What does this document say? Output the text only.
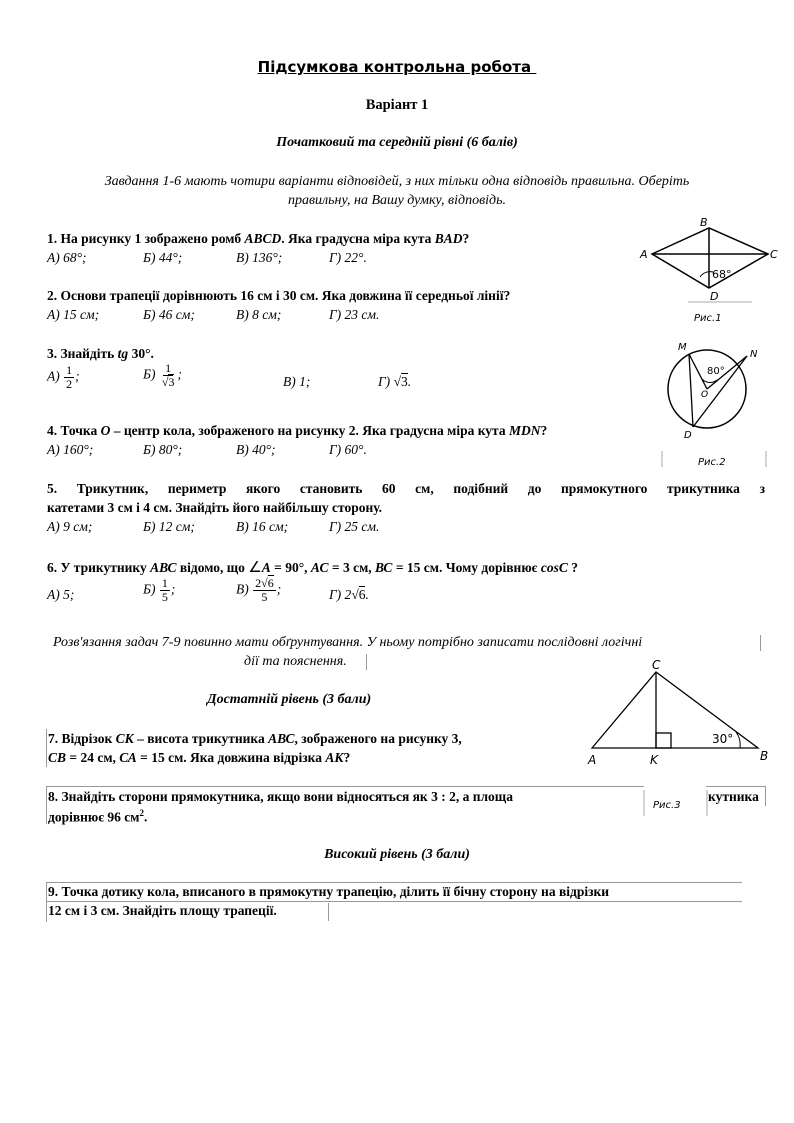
Підсумкова контрольна робота
Варіант 1
Початковий та середній рівні (6 балів)
Завдання 1-6 мають чотири варіанти відповідей, з них тільки одна відповідь правильна. Оберіть
правильну, на Вашу думку, відповідь.
1. На рисунку 1 зображено ромб ABCD. Яка градусна міра кута BAD?
А) 68°;	Б) 44°;	В) 136°;	Г) 22°.
2. Основи трапеції дорівнюють 16 см і 30 см. Яка довжина її середньої лінії?
А) 15 см;	Б) 46 см;	В) 8 см;	Г) 23 см.
3. Знайдіть tg 30°.
$А) \frac{1}{2}$ ;	$Б) \frac{1}{√3}$ ;	В) 1;	Г) √3.
4. Точка О – центр кола, зображеного на рисунку 2. Яка градусна міра кута MDN?
А) 160°;	Б) 80°;	В) 40°;	Г) 60°.
5. Трикутник, периметр якого становить 60 см, подібний до прямокутного трикутника з
катетами 3 см і 4 см. Знайдіть його найбільшу сторону.
А) 9 см;	Б) 12 см;	В) 16 см;	Г) 25 см.
6. У трикутнику АВС відомо, що ∠А = 90°, АС = 3 см, ВС = 15 см. Чому дорівнює cosC ?
А) 5;	$Б) \frac{1}{5}$ ;	$В) \frac{2√6}{5}$ ;	Г) 2√6.
Розв'язання задач 7-9 повинно мати обґрунтування. У ньому потрібно записати послідовні логічні
дії та пояснення.
Достатній рівень (3 бали)
7. Відрізок СК – висота трикутника АВС, зображеного на рисунку 3,
СВ = 24 см, СА = 15 см. Яка довжина відрізка АК?
8. Знайдіть сторони прямокутника, якщо вони відносяться як 3 : 2, а площа	кутника
дорівнює 96 $см^2$.
Високий рівень (3 бали)
9. Точка дотику кола, вписаного в прямокутну трапецію, ділить її бічну сторону на відрізки
12 см і 3 см. Знайдіть площу трапеції.
A
B
C
D
68°
Рис.1
M
N
O
D
80°
Рис.2
A	K	B
C
30°
Рис.3
